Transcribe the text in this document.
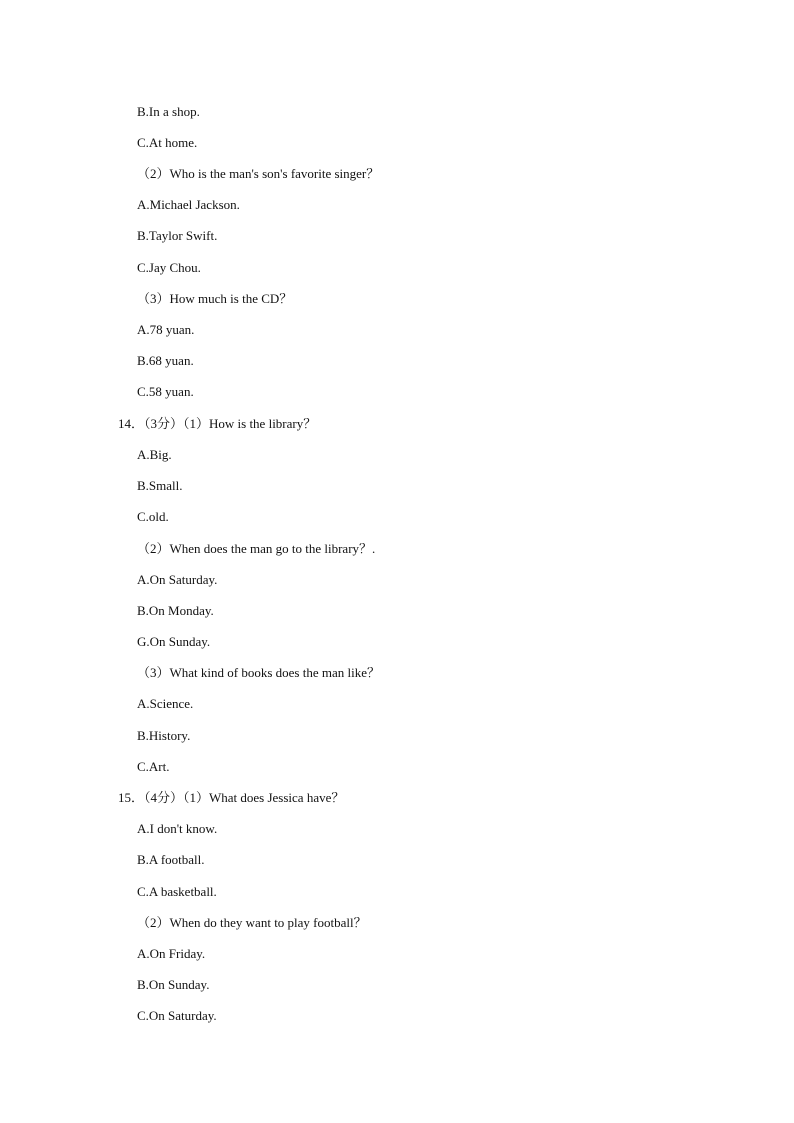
B.In a shop.
C.At home.
（2）Who is the man's son's favorite singer？
A.Michael Jackson.
B.Taylor Swift.
C.Jay Chou.
（3）How much is the CD？
A.78 yuan.
B.68 yuan.
C.58 yuan.
14．（3分）（1）How is the library？
A.Big.
B.Small.
C.old.
（2）When does the man go to the library？.
A.On Saturday.
B.On Monday.
G.On Sunday.
（3）What kind of books does the man like？
A.Science.
B.History.
C.Art.
15．（4分）（1）What does Jessica have？
A.I don't know.
B.A football.
C.A basketball.
（2）When do they want to play football？
A.On Friday.
B.On Sunday.
C.On Saturday.
